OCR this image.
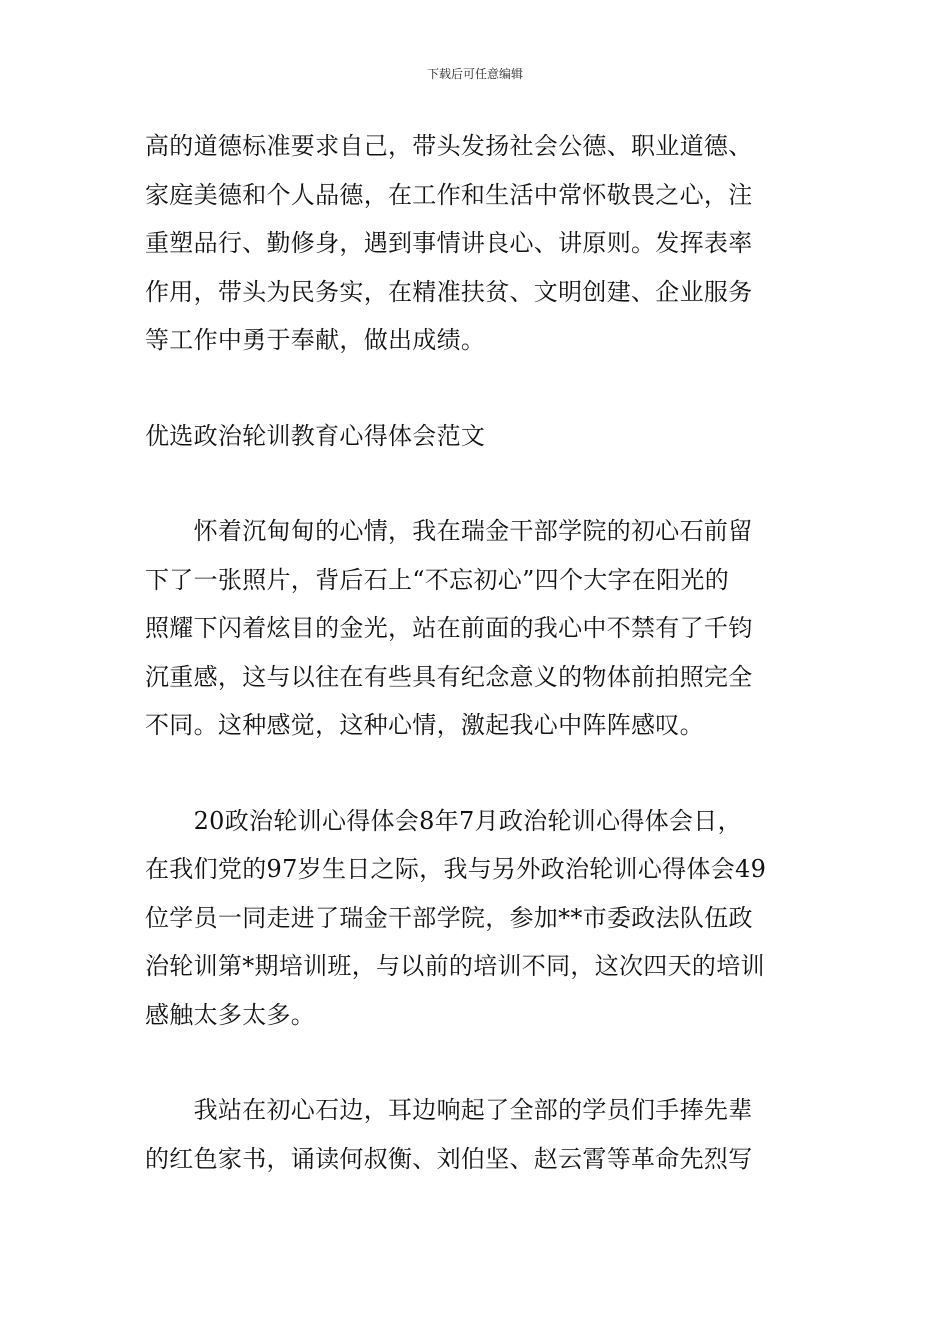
下载后可任意编辑
高的道德标准要求自己，带头发扬社会公德、职业道德、
家庭美德和个人品德，在工作和生活中常怀敬畏之心，注
重塑品行、勤修身，遇到事情讲良心、讲原则。发挥表率
作用，带头为民务实，在精准扶贫、文明创建、企业服务
等工作中勇于奉献，做出成绩。
优选政治轮训教育心得体会范文
　　怀着沉甸甸的心情，我在瑞金干部学院的初心石前留
下了一张照片，背后石上“不忘初心”四个大字在阳光的
照耀下闪着炫目的金光，站在前面的我心中不禁有了千钧
沉重感，这与以往在有些具有纪念意义的物体前拍照完全
不同。这种感觉，这种心情，激起我心中阵阵感叹。
　　20政治轮训心得体会8年7月政治轮训心得体会日，
在我们党的97岁生日之际，我与另外政治轮训心得体会49
位学员一同走进了瑞金干部学院，参加**市委政法队伍政
治轮训第*期培训班，与以前的培训不同，这次四天的培训
感触太多太多。
　　我站在初心石边，耳边响起了全部的学员们手捧先辈
的红色家书，诵读何叔衡、刘伯坚、赵云霄等革命先烈写
